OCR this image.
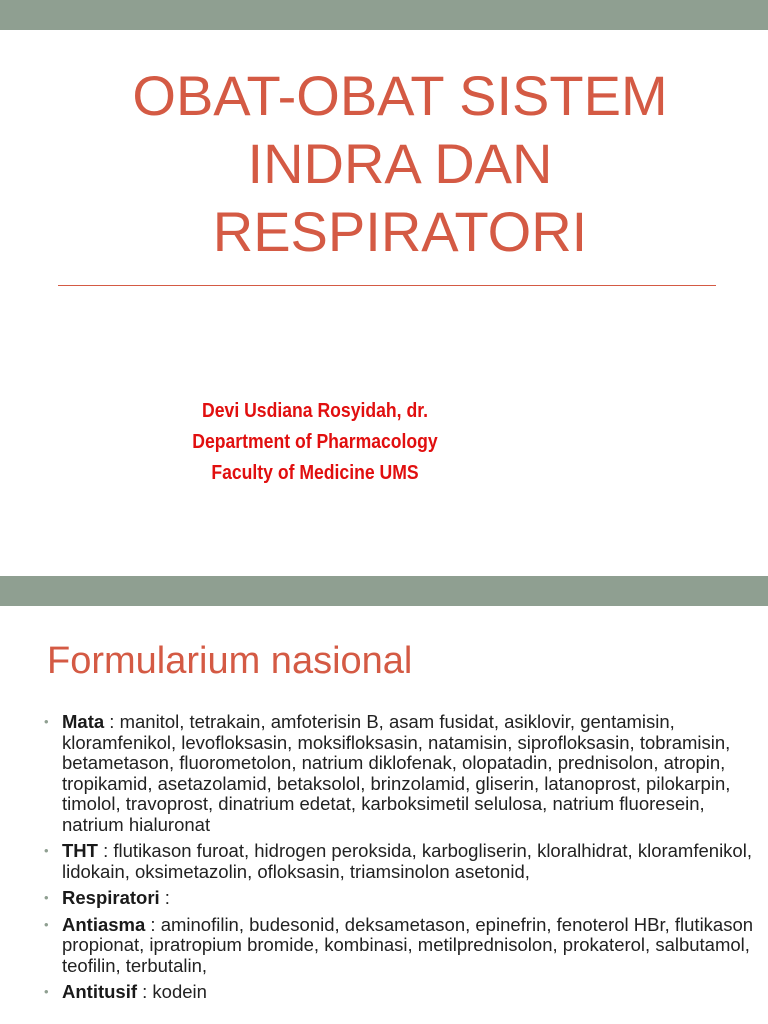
OBAT-OBAT SISTEM
INDRA DAN
RESPIRATORI
Devi Usdiana Rosyidah, dr.
Department of Pharmacology
Faculty of Medicine UMS
Formularium nasional
• Mata : manitol, tetrakain, amfoterisin B, asam fusidat, asiklovir, gentamisin, kloramfenikol, levofloksasin, moksifloksasin, natamisin, siprofloksasin, tobramisin, betametason, fluorometolon, natrium diklofenak, olopatadin, prednisolon, atropin, tropikamid, asetazolamid, betaksolol, brinzolamid, gliserin, latanoprost, pilokarpin, timolol, travoprost, dinatrium edetat, karboksimetil selulosa, natrium fluoresein, natrium hialuronat
• THT : flutikason furoat, hidrogen peroksida, karbogliserin, kloralhidrat, kloramfenikol, lidokain, oksimetazolin, ofloksasin, triamsinolon asetonid,
• Respiratori :
• Antiasma : aminofilin, budesonid, deksametason, epinefrin, fenoterol HBr, flutikason propionat, ipratropium bromide, kombinasi, metilprednisolon, prokaterol, salbutamol, teofilin, terbutalin,
• Antitusif : kodein
